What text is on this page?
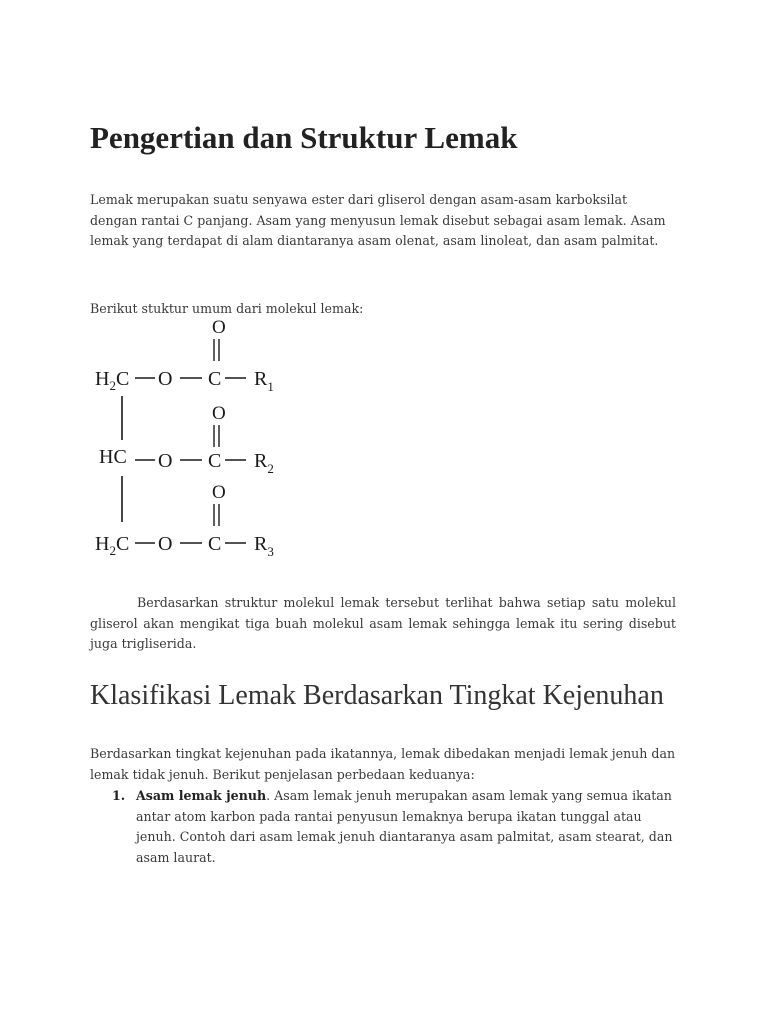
Pengertian dan Struktur Lemak

Lemak merupakan suatu senyawa ester dari gliserol dengan asam-asam karboksilat dengan rantai C panjang. Asam yang menyusun lemak disebut sebagai asam lemak. Asam lemak yang terdapat di alam diantaranya asam olenat, asam linoleat, dan asam palmitat.

Berikut stuktur umum dari molekul lemak:

Berdasarkan struktur molekul lemak tersebut terlihat bahwa setiap satu molekul gliserol akan mengikat tiga buah molekul asam lemak sehingga lemak itu sering disebut juga trigliserida.

Klasifikasi Lemak Berdasarkan Tingkat Kejenuhan

Berdasarkan tingkat kejenuhan pada ikatannya, lemak dibedakan menjadi lemak jenuh dan lemak tidak jenuh. Berikut penjelasan perbedaan keduanya:

1. Asam lemak jenuh. Asam lemak jenuh merupakan asam lemak yang semua ikatan antar atom karbon pada rantai penyusun lemaknya berupa ikatan tunggal atau jenuh. Contoh dari asam lemak jenuh diantaranya asam palmitat, asam stearat, dan asam laurat.
O
$H_2C$ O C $R_1$
O
HC O C $R_2$
O
$H_2C$ O C $R_3$
